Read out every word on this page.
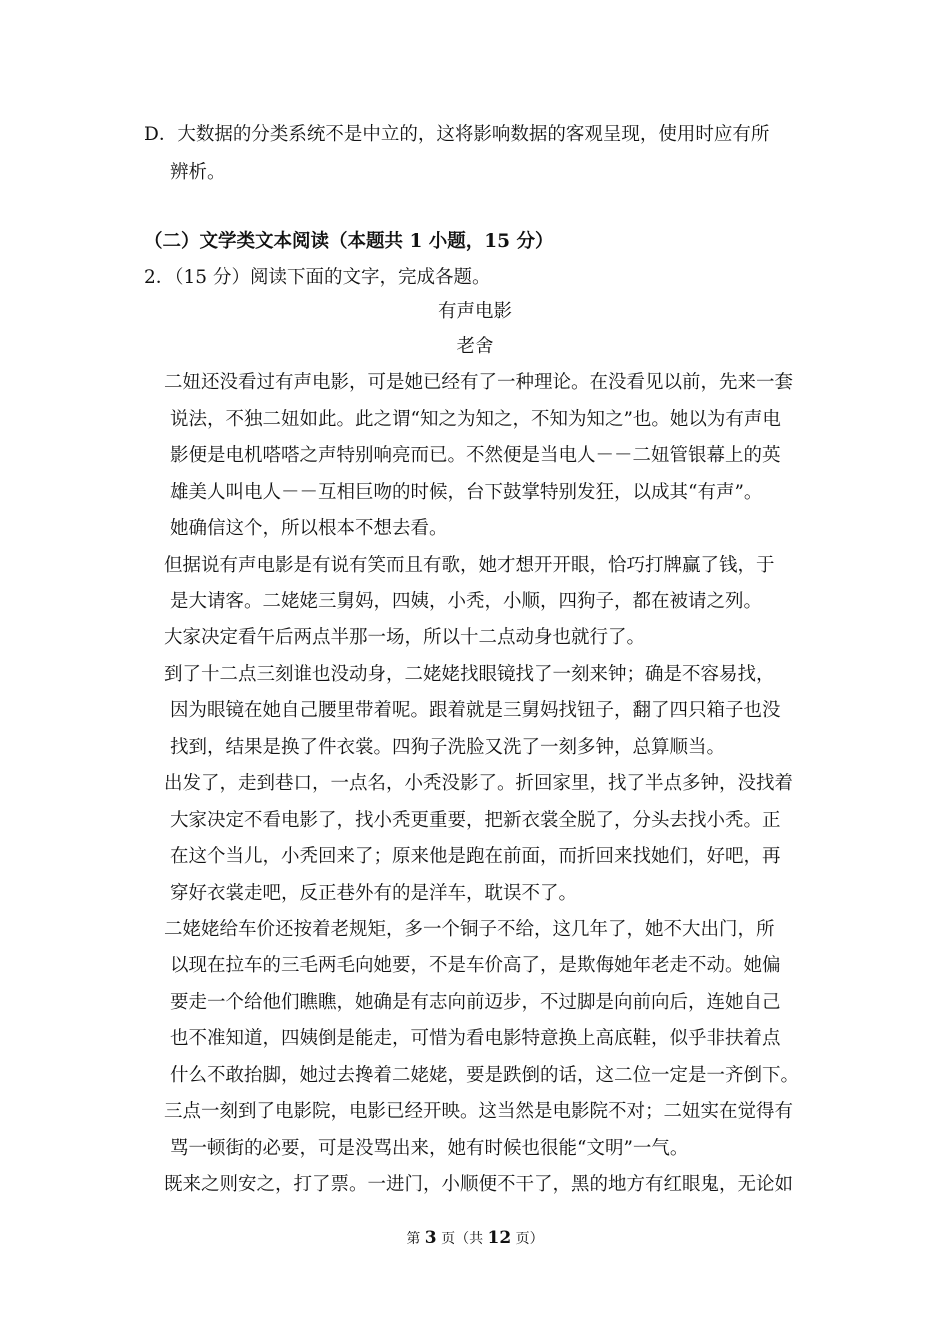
D．大数据的分类系统不是中立的，这将影响数据的客观呈现，使用时应有所
辨析。
（二）文学类文本阅读（本题共 1 小题，15 分）
2．（15 分）阅读下面的文字，完成各题。
有声电影
老舍
二妞还没看过有声电影，可是她已经有了一种理论。在没看见以前，先来一套
说法，不独二妞如此。此之谓“知之为知之，不知为知之”也。她以为有声电
影便是电机嗒嗒之声特别响亮而已。不然便是当电人－－二妞管银幕上的英
雄美人叫电人－－互相巨吻的时候，台下鼓掌特别发狂，以成其“有声”。
她确信这个，所以根本不想去看。
但据说有声电影是有说有笑而且有歌，她才想开开眼，恰巧打牌赢了钱，于
是大请客。二姥姥三舅妈，四姨，小秃，小顺，四狗子，都在被请之列。
大家决定看午后两点半那一场，所以十二点动身也就行了。
到了十二点三刻谁也没动身，二姥姥找眼镜找了一刻来钟；确是不容易找，
因为眼镜在她自己腰里带着呢。跟着就是三舅妈找钮子，翻了四只箱子也没
找到，结果是换了件衣裳。四狗子洗脸又洗了一刻多钟，总算顺当。
出发了，走到巷口，一点名，小秃没影了。折回家里，找了半点多钟，没找着
大家决定不看电影了，找小秃更重要，把新衣裳全脱了，分头去找小秃。正
在这个当儿，小秃回来了；原来他是跑在前面，而折回来找她们，好吧，再
穿好衣裳走吧，反正巷外有的是洋车，耽误不了。
二姥姥给车价还按着老规矩，多一个铜子不给，这几年了，她不大出门，所
以现在拉车的三毛两毛向她要，不是车价高了，是欺侮她年老走不动。她偏
要走一个给他们瞧瞧，她确是有志向前迈步，不过脚是向前向后，连她自己
也不准知道，四姨倒是能走，可惜为看电影特意换上高底鞋，似乎非扶着点
什么不敢抬脚，她过去搀着二姥姥，要是跌倒的话，这二位一定是一齐倒下。
三点一刻到了电影院，电影已经开映。这当然是电影院不对；二妞实在觉得有
骂一顿街的必要，可是没骂出来，她有时候也很能“文明”一气。
既来之则安之，打了票。一进门，小顺便不干了，黑的地方有红眼鬼，无论如
第 3 页（共 12 页）
